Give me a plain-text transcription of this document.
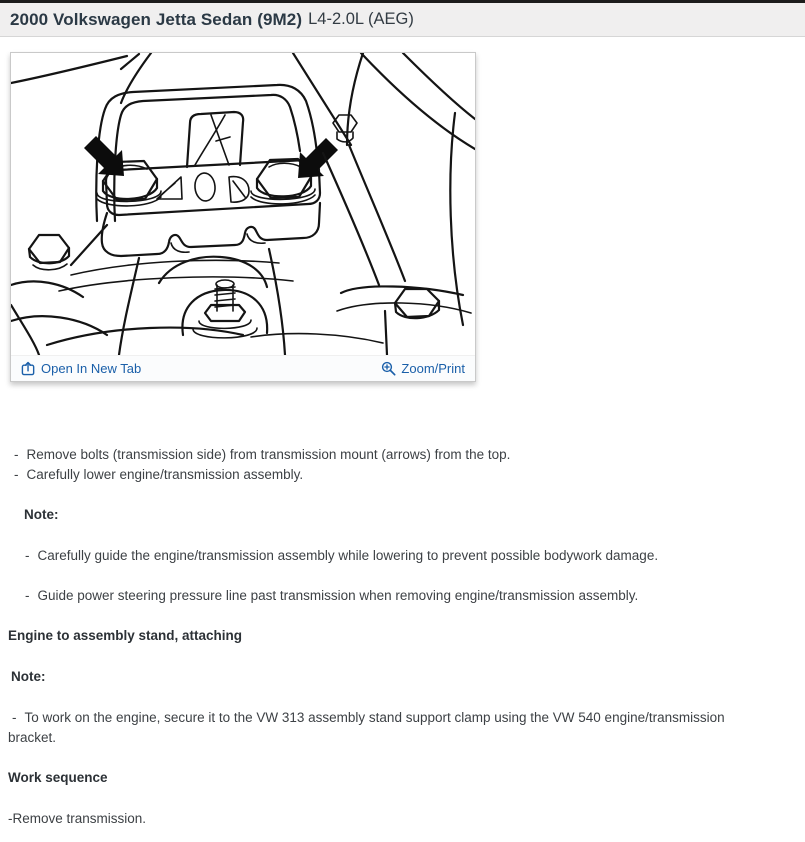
2000 Volkswagen Jetta Sedan (9M2) L4-2.0L (AEG)
Open In New Tab	Zoom/Print
- Remove bolts (transmission side) from transmission mount (arrows) from the top.
- Carefully lower engine/transmission assembly.
Note:
- Carefully guide the engine/transmission assembly while lowering to prevent possible bodywork damage.
- Guide power steering pressure line past transmission when removing engine/transmission assembly.
Engine to assembly stand, attaching
Note:
- To work on the engine, secure it to the VW 313 assembly stand support clamp using the VW 540 engine/transmission bracket.
Work sequence
-Remove transmission.
